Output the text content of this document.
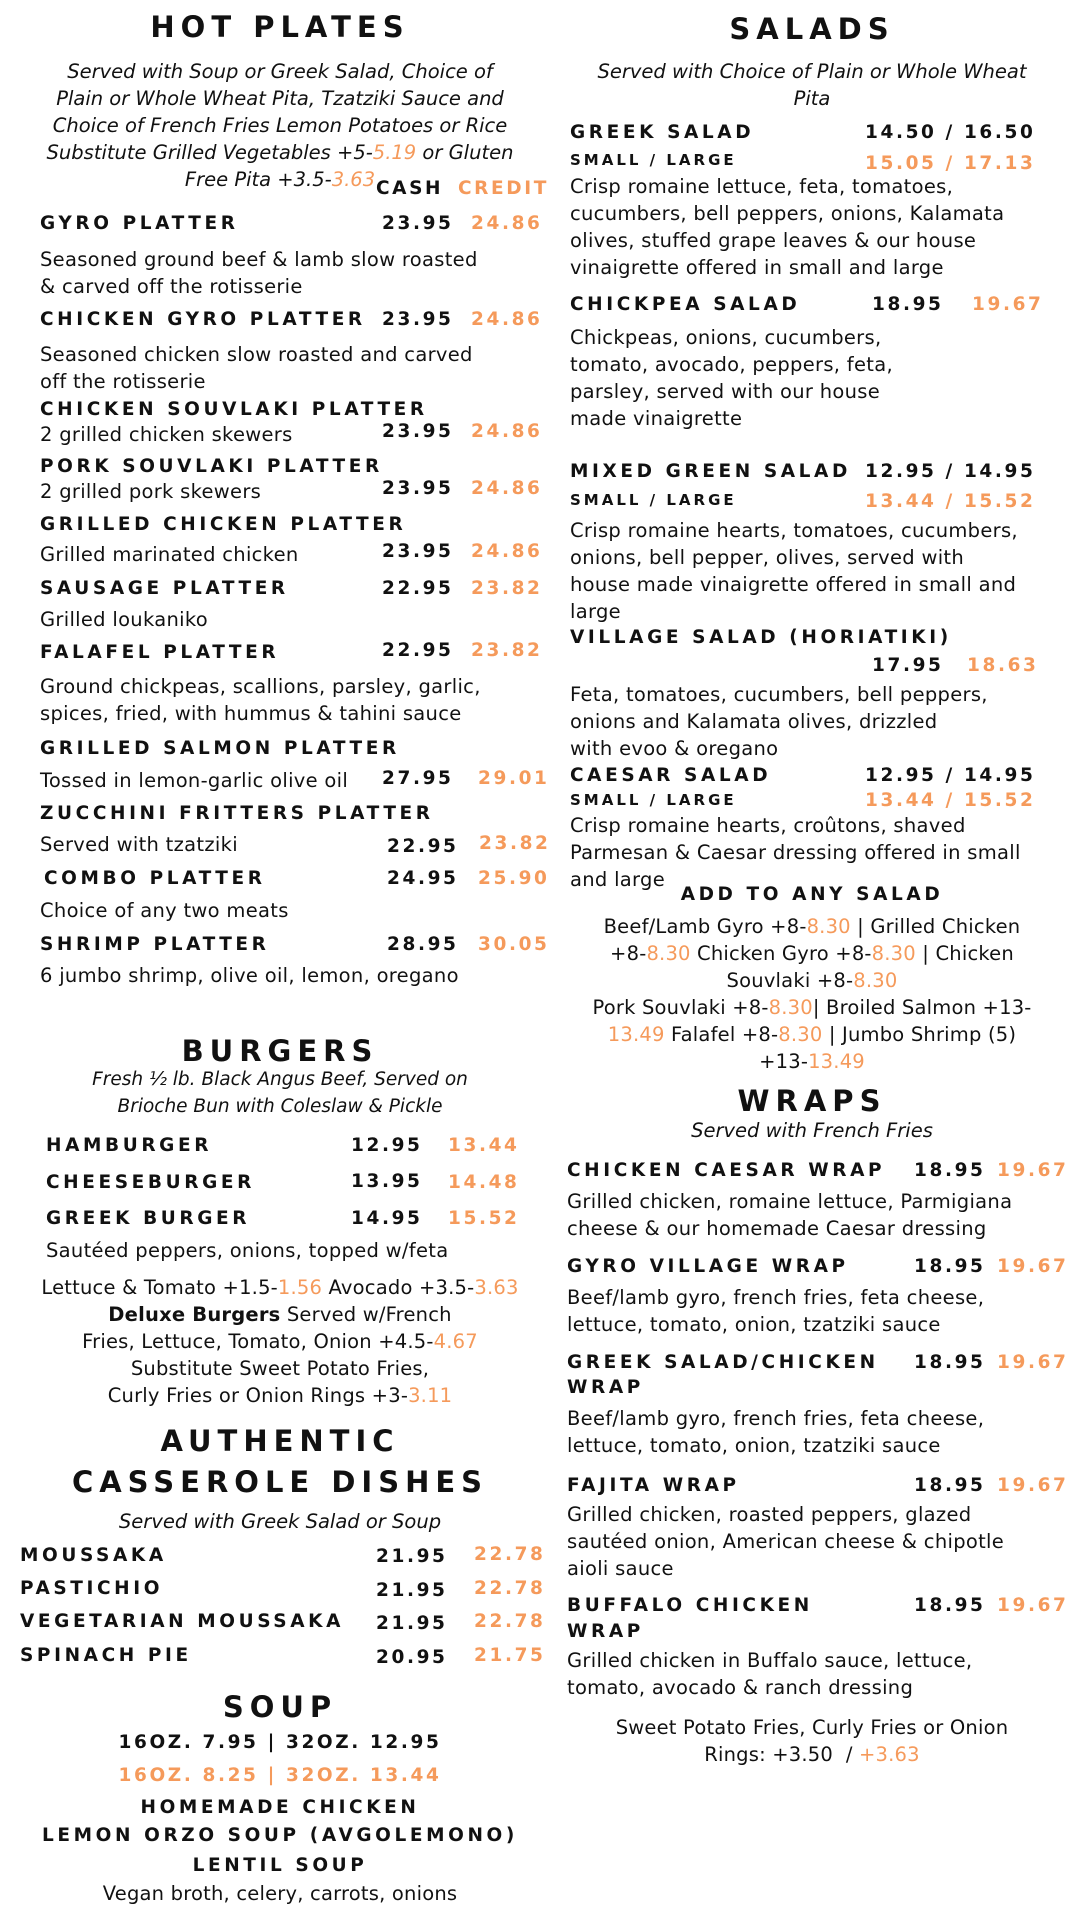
HOT PLATES
Served with Soup or Greek Salad, Choice of
Plain or Whole Wheat Pita, Tzatziki Sauce and
Choice of French Fries Lemon Potatoes or Rice
Substitute Grilled Vegetables +5-5.19 or Gluten
Free Pita +3.5-3.63 CASH CREDIT
GYRO PLATTER	23.95 24.86
Seasoned ground beef & lamb slow roasted
& carved off the rotisserie
CHICKEN GYRO PLATTER 23.95 24.86
Seasoned chicken slow roasted and carved
off the rotisserie
CHICKEN SOUVLAKI PLATTER
2 grilled chicken skewers	23.95 24.86
PORK SOUVLAKI PLATTER
2 grilled pork skewers	23.95 24.86
GRILLED CHICKEN PLATTER
Grilled marinated chicken	23.95 24.86
SAUSAGE PLATTER	22.95 23.82
Grilled loukaniko
FALAFEL PLATTER	22.95 23.82
Ground chickpeas, scallions, parsley, garlic,
spices, fried, with hummus & tahini sauce
GRILLED SALMON PLATTER
Tossed in lemon-garlic olive oil 27.95 29.01
ZUCCHINI FRITTERS PLATTER
Served with tzatziki	22.95 23.82
COMBO PLATTER	24.95 25.90
Choice of any two meats
SHRIMP PLATTER	28.95 30.05
6 jumbo shrimp, olive oil, lemon, oregano
BURGERS
Fresh ½ lb. Black Angus Beef, Served on
Brioche Bun with Coleslaw & Pickle
HAMBURGER	12.95 13.44
CHEESEBURGER	13.95 14.48
GREEK BURGER	14.95 15.52
Sautéed peppers, onions, topped w/feta
Lettuce & Tomato +1.5-1.56 Avocado +3.5-3.63
Deluxe Burgers Served w/French
Fries, Lettuce, Tomato, Onion +4.5-4.67
Substitute Sweet Potato Fries,
Curly Fries or Onion Rings +3-3.11
AUTHENTIC
CASSEROLE DISHES
Served with Greek Salad or Soup
MOUSSAKA	21.95 22.78
PASTICHIO	21.95 22.78
VEGETARIAN MOUSSAKA 21.95 22.78
SPINACH PIE	20.95 21.75
SOUP
16OZ. 7.95 | 32OZ. 12.95
16OZ. 8.25 | 32OZ. 13.44
HOMEMADE CHICKEN
LEMON ORZO SOUP (AVGOLEMONO)
LENTIL SOUP
Vegan broth, celery, carrots, onions
SALADS
Served with Choice of Plain or Whole Wheat
Pita
GREEK SALAD
SMALL / LARGE
14.50 / 16.50
15.05 / 17.13
Crisp romaine lettuce, feta, tomatoes,
cucumbers, bell peppers, onions, Kalamata
olives, stuffed grape leaves & our house
vinaigrette offered in small and large
CHICKPEA SALAD	18.95 19.67
Chickpeas, onions, cucumbers,
tomato, avocado, peppers, feta,
parsley, served with our house
made vinaigrette
MIXED GREEN SALAD 12.95 / 14.95
SMALL / LARGE	13.44 / 15.52
Crisp romaine hearts, tomatoes, cucumbers,
onions, bell pepper, olives, served with
house made vinaigrette offered in small and
large
VILLAGE SALAD (HORIATIKI)
17.95 18.63
Feta, tomatoes, cucumbers, bell peppers,
onions and Kalamata olives, drizzled
with evoo & oregano
CAESAR SALAD	12.95 / 14.95
SMALL / LARGE	13.44 / 15.52
Crisp romaine hearts, croûtons, shaved
Parmesan & Caesar dressing offered in small
and large
ADD TO ANY SALAD
Beef/Lamb Gyro +8-8.30 | Grilled Chicken
+8-8.30 Chicken Gyro +8-8.30 | Chicken
Souvlaki +8-8.30
Pork Souvlaki +8-8.30| Broiled Salmon +13-
13.49 Falafel +8-8.30 | Jumbo Shrimp (5)
+13-13.49
WRAPS
Served with French Fries
CHICKEN CAESAR WRAP 18.95 19.67
Grilled chicken, romaine lettuce, Parmigiana
cheese & our homemade Caesar dressing
GYRO VILLAGE WRAP	18.95 19.67
Beef/lamb gyro, french fries, feta cheese,
lettuce, tomato, onion, tzatziki sauce
GREEK SALAD/CHICKEN
WRAP
18.95 19.67
Beef/lamb gyro, french fries, feta cheese,
lettuce, tomato, onion, tzatziki sauce
FAJITA WRAP	18.95 19.67
Grilled chicken, roasted peppers, glazed
sautéed onion, American cheese & chipotle
aioli sauce
BUFFALO CHICKEN
WRAP
18.95 19.67
Grilled chicken in Buffalo sauce, lettuce,
tomato, avocado & ranch dressing
Sweet Potato Fries, Curly Fries or Onion
Rings: +3.50  / +3.63
